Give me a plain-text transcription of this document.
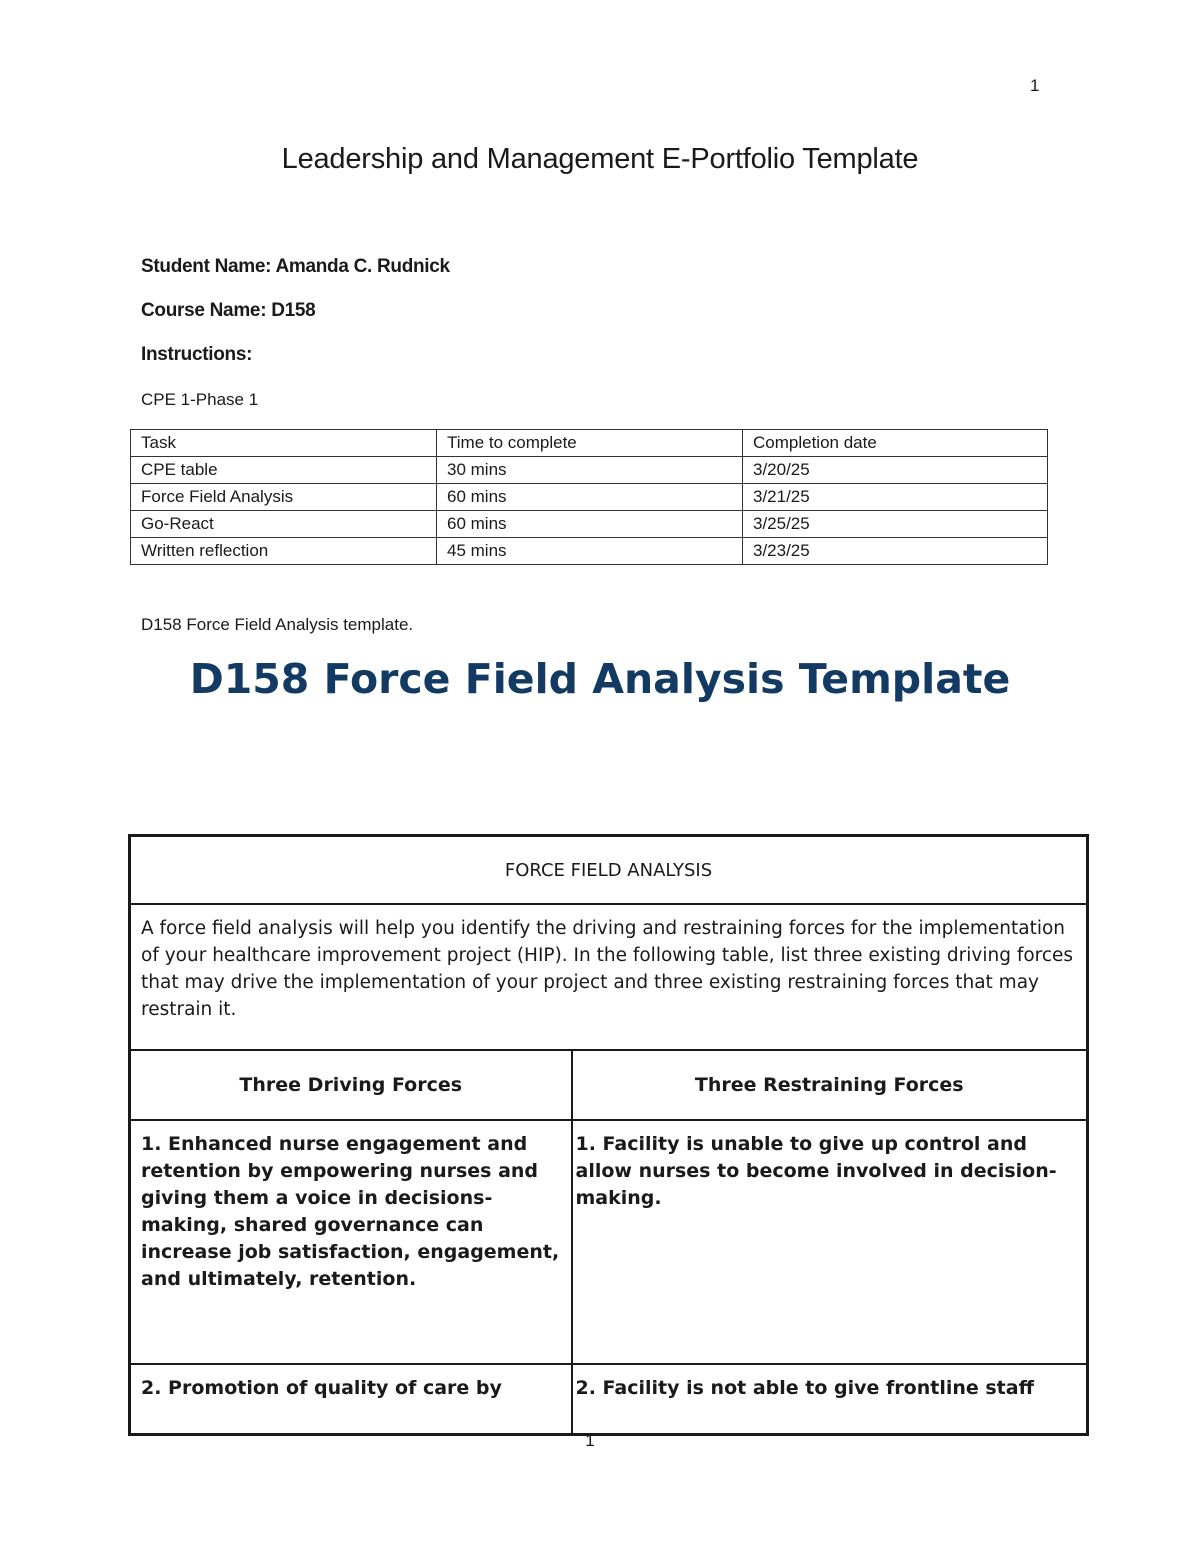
1
Leadership and Management E-Portfolio Template
Student Name: Amanda C. Rudnick
Course Name: D158
Instructions:
CPE 1-Phase 1
Task	Time to complete	Completion date
CPE table	30 mins	3/20/25
Force Field Analysis	60 mins	3/21/25
Go-React	60 mins	3/25/25
Written reflection	45 mins	3/23/25
D158 Force Field Analysis template.
D158 Force Field Analysis Template
FORCE FIELD ANALYSIS	
A force field analysis will help you identify the driving and restraining forces for the implementation of your healthcare improvement project (HIP). In the following table, list three existing driving forces that may drive the implementation of your project and three existing restraining forces that may restrain it.	
Three Driving Forces	Three Restraining Forces
1. Enhanced nurse engagement and retention by empowering nurses and giving them a voice in decisions-making, shared governance can increase job satisfaction, engagement, and ultimately, retention.	1. Facility is unable to give up control and allow nurses to become involved in decision-making.
2. Promotion of quality of care by	2. Facility is not able to give frontline staff
1
